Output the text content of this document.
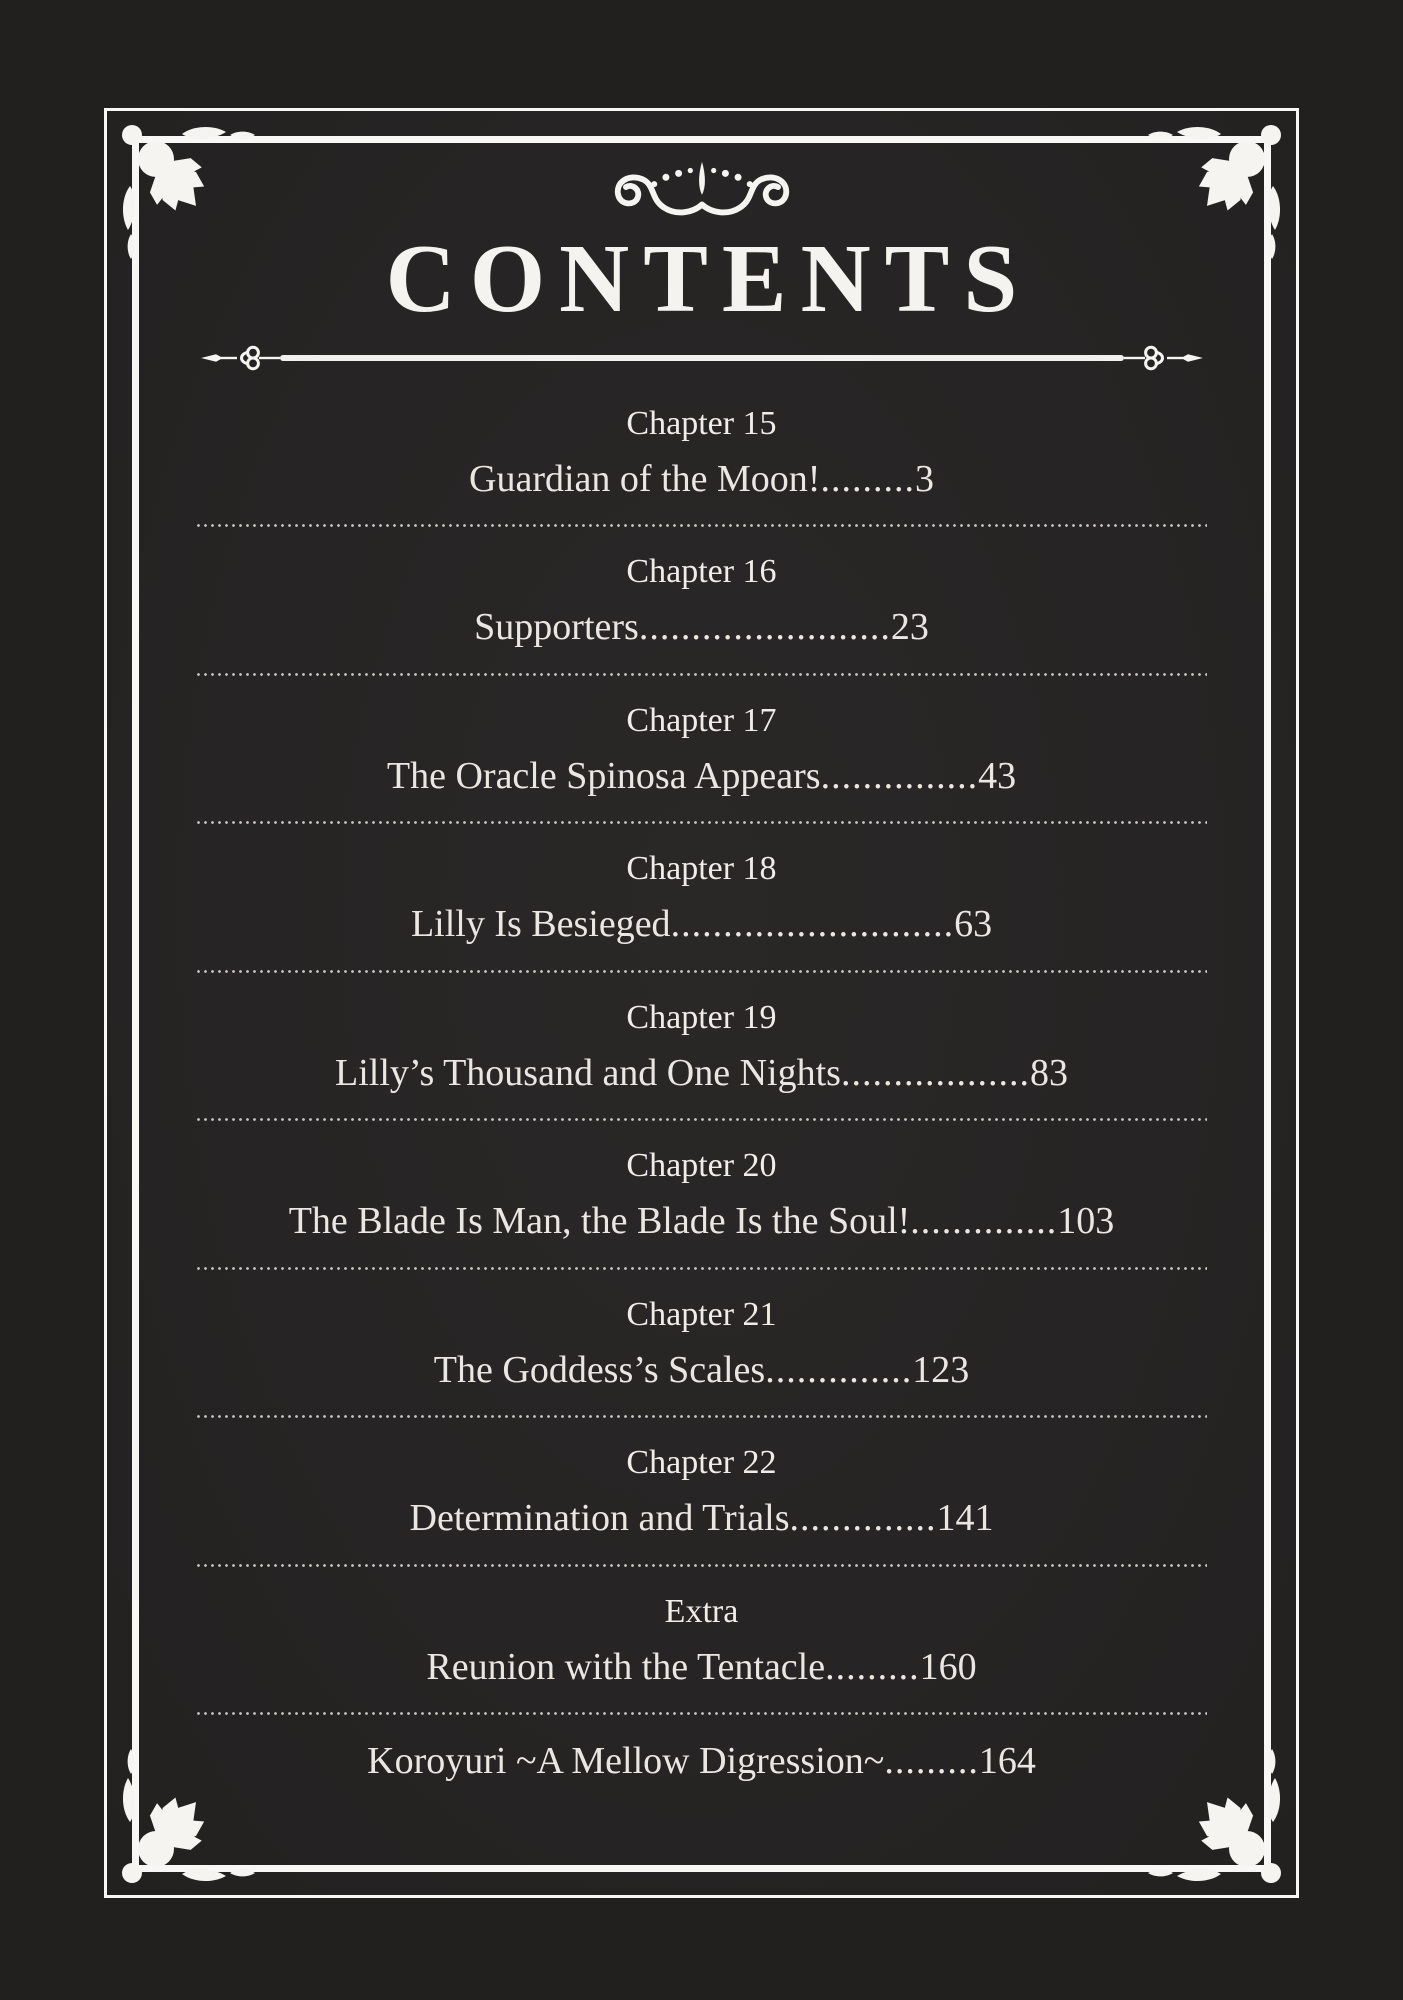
CONTENTS
Chapter 15
Guardian of the Moon!.........3
Chapter 16
Supporters........................23
Chapter 17
The Oracle Spinosa Appears...............43
Chapter 18
Lilly Is Besieged...........................63
Chapter 19
Lilly’s Thousand and One Nights..................83
Chapter 20
The Blade Is Man, the Blade Is the Soul!..............103
Chapter 21
The Goddess’s Scales..............123
Chapter 22
Determination and Trials..............141
Extra
Reunion with the Tentacle.........160
Koroyuri ~A Mellow Digression~.........164
